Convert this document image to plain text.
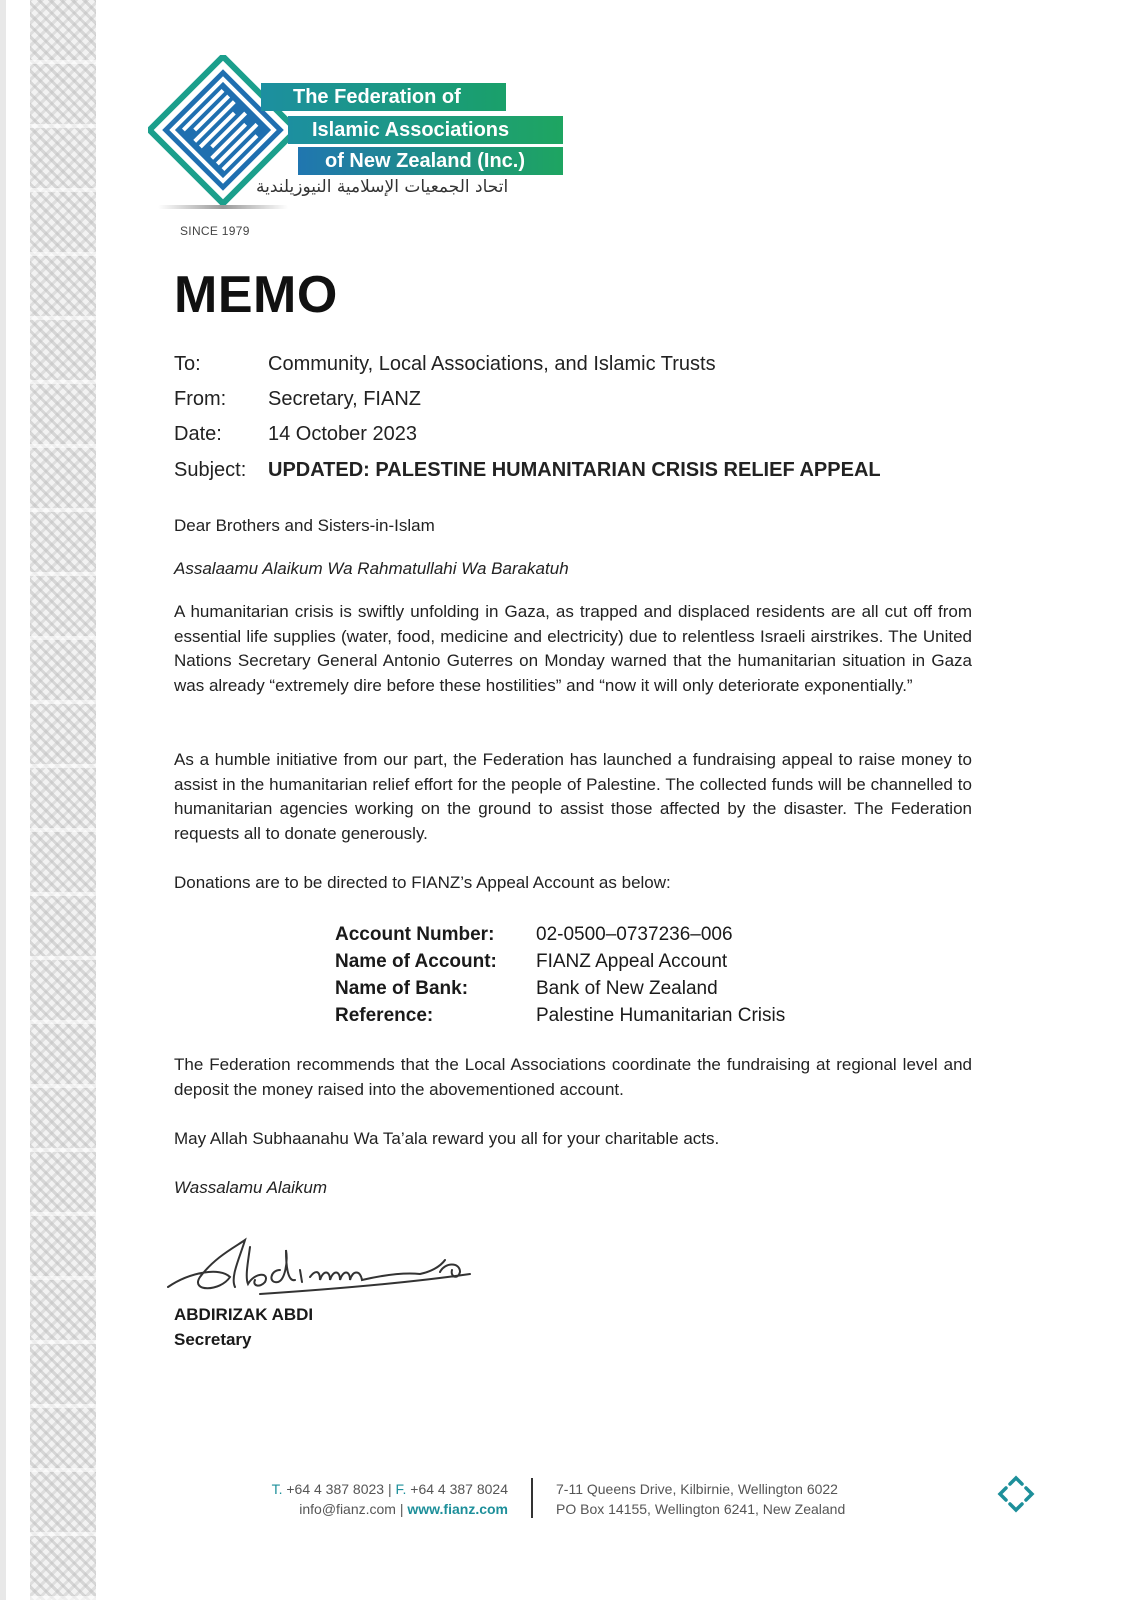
The Federation of
Islamic Associations
of New Zealand (Inc.)
اتحاد الجمعيات الإسلامية النيوزيلندية
SINCE 1979
MEMO
To:	Community, Local Associations, and Islamic Trusts
From: Secretary, FIANZ
Date: 14 October 2023
Subject: UPDATED: PALESTINE HUMANITARIAN CRISIS RELIEF APPEAL
Dear Brothers and Sisters-in-Islam
Assalaamu Alaikum Wa Rahmatullahi Wa Barakatuh
A humanitarian crisis is swiftly unfolding in Gaza, as trapped and displaced residents are all cut off from essential life supplies (water, food, medicine and electricity) due to relentless Israeli airstrikes. The United Nations Secretary General Antonio Guterres on Monday warned that the humanitarian situation in Gaza was already “extremely dire before these hostilities” and “now it will only deteriorate exponentially.”
As a humble initiative from our part, the Federation has launched a fundraising appeal to raise money to assist in the humanitarian relief effort for the people of Palestine. The collected funds will be channelled to humanitarian agencies working on the ground to assist those affected by the disaster. The Federation requests all to donate generously.
Donations are to be directed to FIANZ’s Appeal Account as below:
Account Number: 02-0500–0737236–006
Name of Account: FIANZ Appeal Account
Name of Bank:	Bank of New Zealand
Reference:	Palestine Humanitarian Crisis
The Federation recommends that the Local Associations coordinate the fundraising at regional level and deposit the money raised into the abovementioned account.
May Allah Subhaanahu Wa Ta’ala reward you all for your charitable acts.
Wassalamu Alaikum
ABDIRIZAK ABDI
Secretary
T. +64 4 387 8023 | F. +64 4 387 8024
info@fianz.com | www.fianz.com
7-11 Queens Drive, Kilbirnie, Wellington 6022
PO Box 14155, Wellington 6241, New Zealand
